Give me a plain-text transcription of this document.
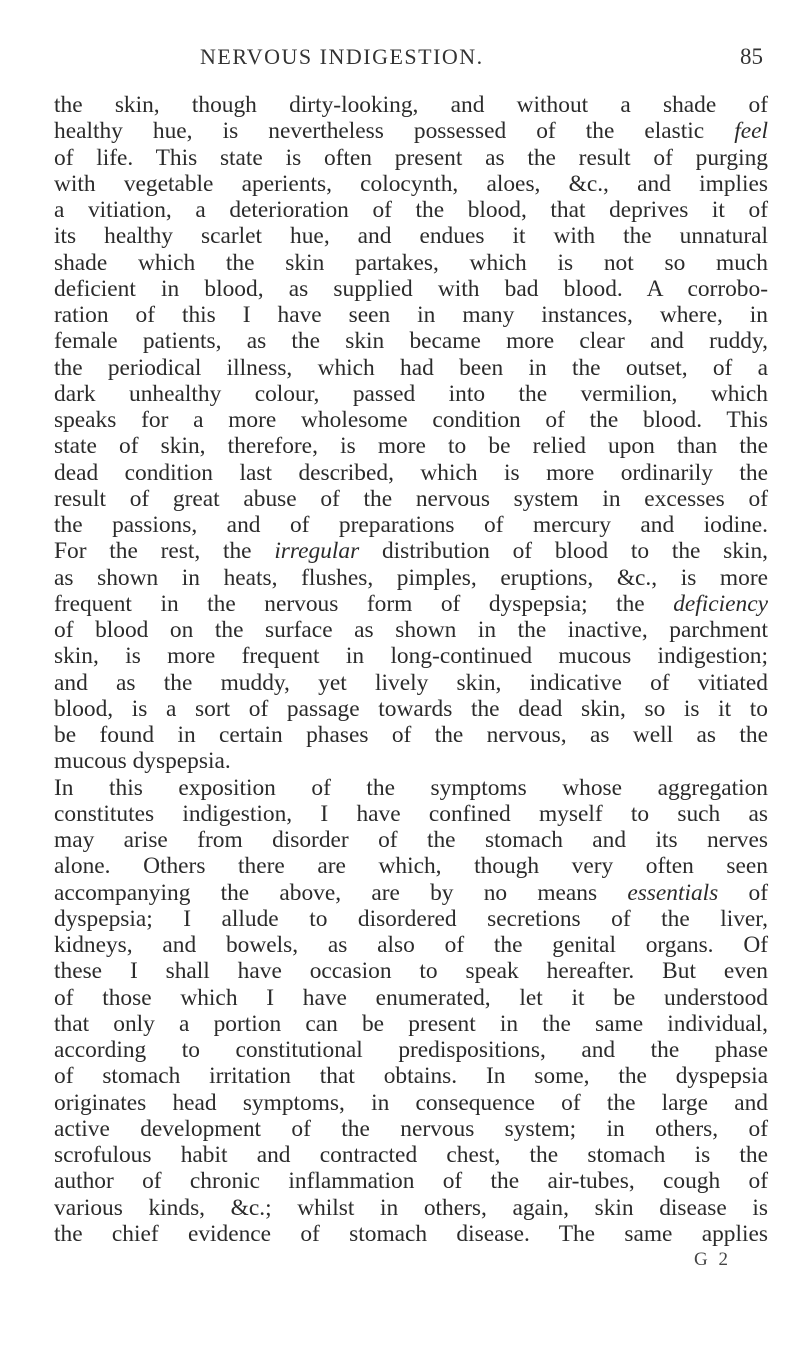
NERVOUS INDIGESTION.	85
the skin, though dirty-looking, and without a shade of
healthy hue, is nevertheless possessed of the elastic feel
of life. This state is often present as the result of purging
with vegetable aperients, colocynth, aloes, &c., and implies
a vitiation, a deterioration of the blood, that deprives it of
its healthy scarlet hue, and endues it with the unnatural
shade which the skin partakes, which is not so much
deficient in blood, as supplied with bad blood. A corrobo-
ration of this I have seen in many instances, where, in
female patients, as the skin became more clear and ruddy,
the periodical illness, which had been in the outset, of a
dark unhealthy colour, passed into the vermilion, which
speaks for a more wholesome condition of the blood. This
state of skin, therefore, is more to be relied upon than the
dead condition last described, which is more ordinarily the
result of great abuse of the nervous system in excesses of
the passions, and of preparations of mercury and iodine.
For the rest, the irregular distribution of blood to the skin,
as shown in heats, flushes, pimples, eruptions, &c., is more
frequent in the nervous form of dyspepsia; the deficiency
of blood on the surface as shown in the inactive, parchment
skin, is more frequent in long-continued mucous indigestion;
and as the muddy, yet lively skin, indicative of vitiated
blood, is a sort of passage towards the dead skin, so is it to
be found in certain phases of the nervous, as well as the
mucous dyspepsia.
In this exposition of the symptoms whose aggregation
constitutes indigestion, I have confined myself to such as
may arise from disorder of the stomach and its nerves
alone. Others there are which, though very often seen
accompanying the above, are by no means essentials of
dyspepsia; I allude to disordered secretions of the liver,
kidneys, and bowels, as also of the genital organs. Of
these I shall have occasion to speak hereafter. But even
of those which I have enumerated, let it be understood
that only a portion can be present in the same individual,
according to constitutional predispositions, and the phase
of stomach irritation that obtains. In some, the dyspepsia
originates head symptoms, in consequence of the large and
active development of the nervous system; in others, of
scrofulous habit and contracted chest, the stomach is the
author of chronic inflammation of the air-tubes, cough of
various kinds, &c.; whilst in others, again, skin disease is
the chief evidence of stomach disease. The same applies
G 2
